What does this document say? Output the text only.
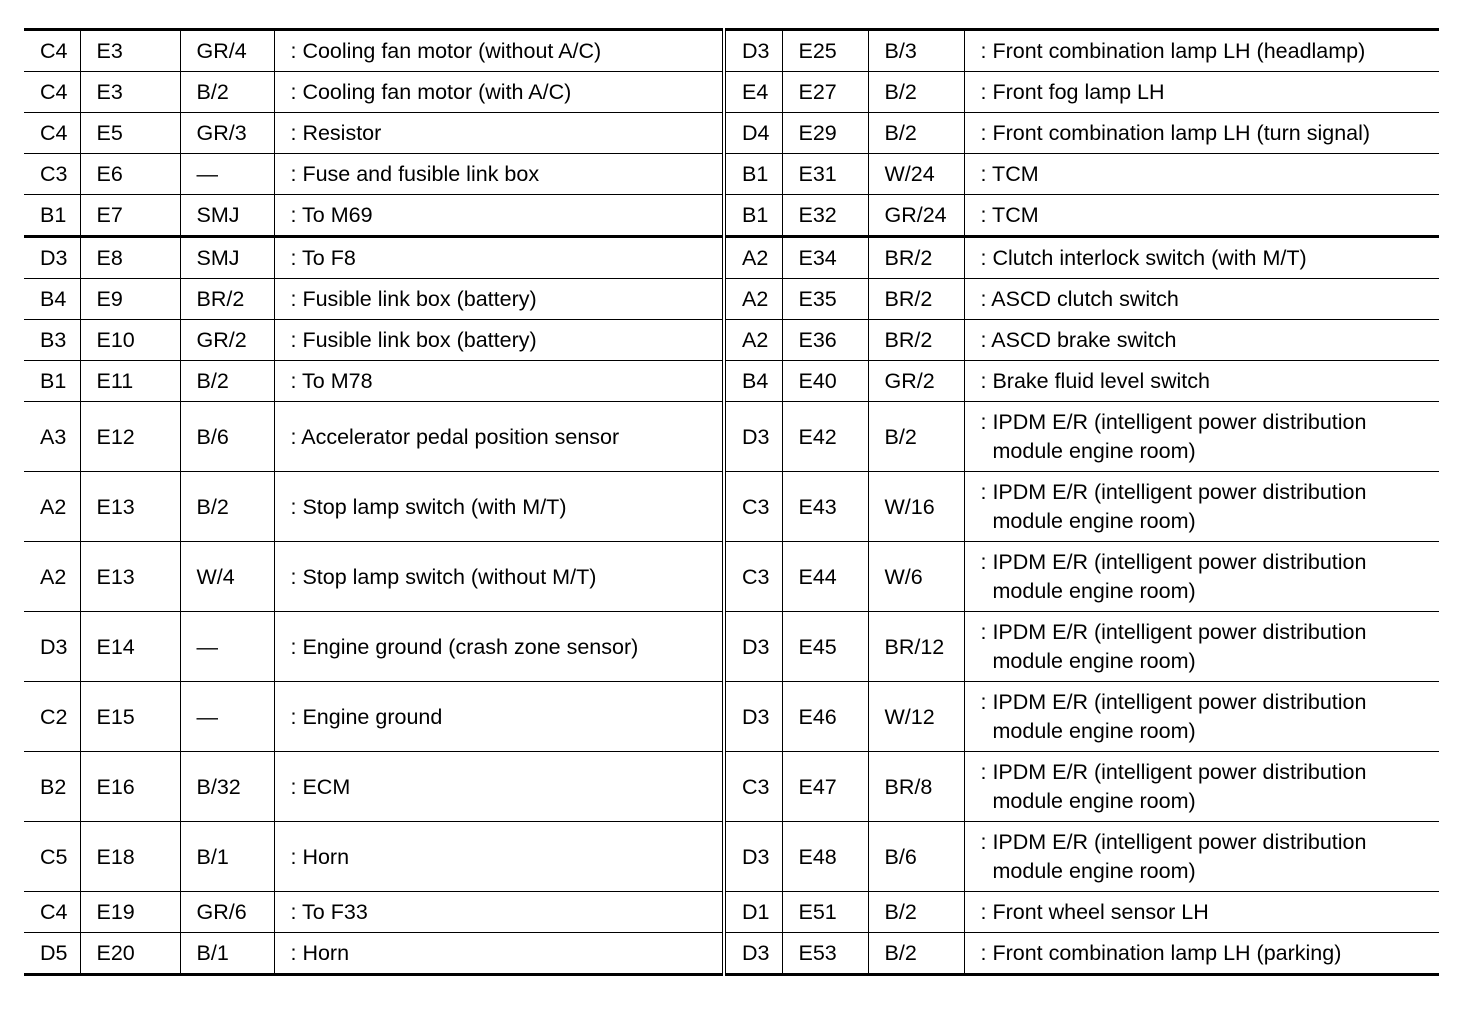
C4	E3	GR/4	: Cooling fan motor (without A/C)	D3	E25	B/3	: Front combination lamp LH (headlamp)

C4	E3	B/2	: Cooling fan motor (with A/C)	E4	E27	B/2	: Front fog lamp LH

C4	E5	GR/3	: Resistor	D4	E29	B/2	: Front combination lamp LH (turn signal)

C3	E6	—	: Fuse and fusible link box	B1	E31	W/24	: TCM

B1	E7	SMJ	: To M69	B1	E32	GR/24	: TCM

D3	E8	SMJ	: To F8	A2	E34	BR/2	: Clutch interlock switch (with M/T)

B4	E9	BR/2	: Fusible link box (battery)	A2	E35	BR/2	: ASCD clutch switch

B3	E10	GR/2	: Fusible link box (battery)	A2	E36	BR/2	: ASCD brake switch

B1	E11	B/2	: To M78	B4	E40	GR/2	: Brake fluid level switch

A3	E12	B/6	: Accelerator pedal position sensor	D3	E42	B/2	: IPDM E/R (intelligent power distribution module engine room)

A2	E13	B/2	: Stop lamp switch (with M/T)	C3	E43	W/16	: IPDM E/R (intelligent power distribution module engine room)

A2	E13	W/4	: Stop lamp switch (without M/T)	C3	E44	W/6	: IPDM E/R (intelligent power distribution module engine room)

D3	E14	—	: Engine ground (crash zone sensor)	D3	E45	BR/12	: IPDM E/R (intelligent power distribution module engine room)

C2	E15	—	: Engine ground	D3	E46	W/12	: IPDM E/R (intelligent power distribution module engine room)

B2	E16	B/32	: ECM	C3	E47	BR/8	: IPDM E/R (intelligent power distribution module engine room)

C5	E18	B/1	: Horn	D3	E48	B/6	: IPDM E/R (intelligent power distribution module engine room)

C4	E19	GR/6	: To F33	D1	E51	B/2	: Front wheel sensor LH

D5	E20	B/1	: Horn	D3	E53	B/2	: Front combination lamp LH (parking)
